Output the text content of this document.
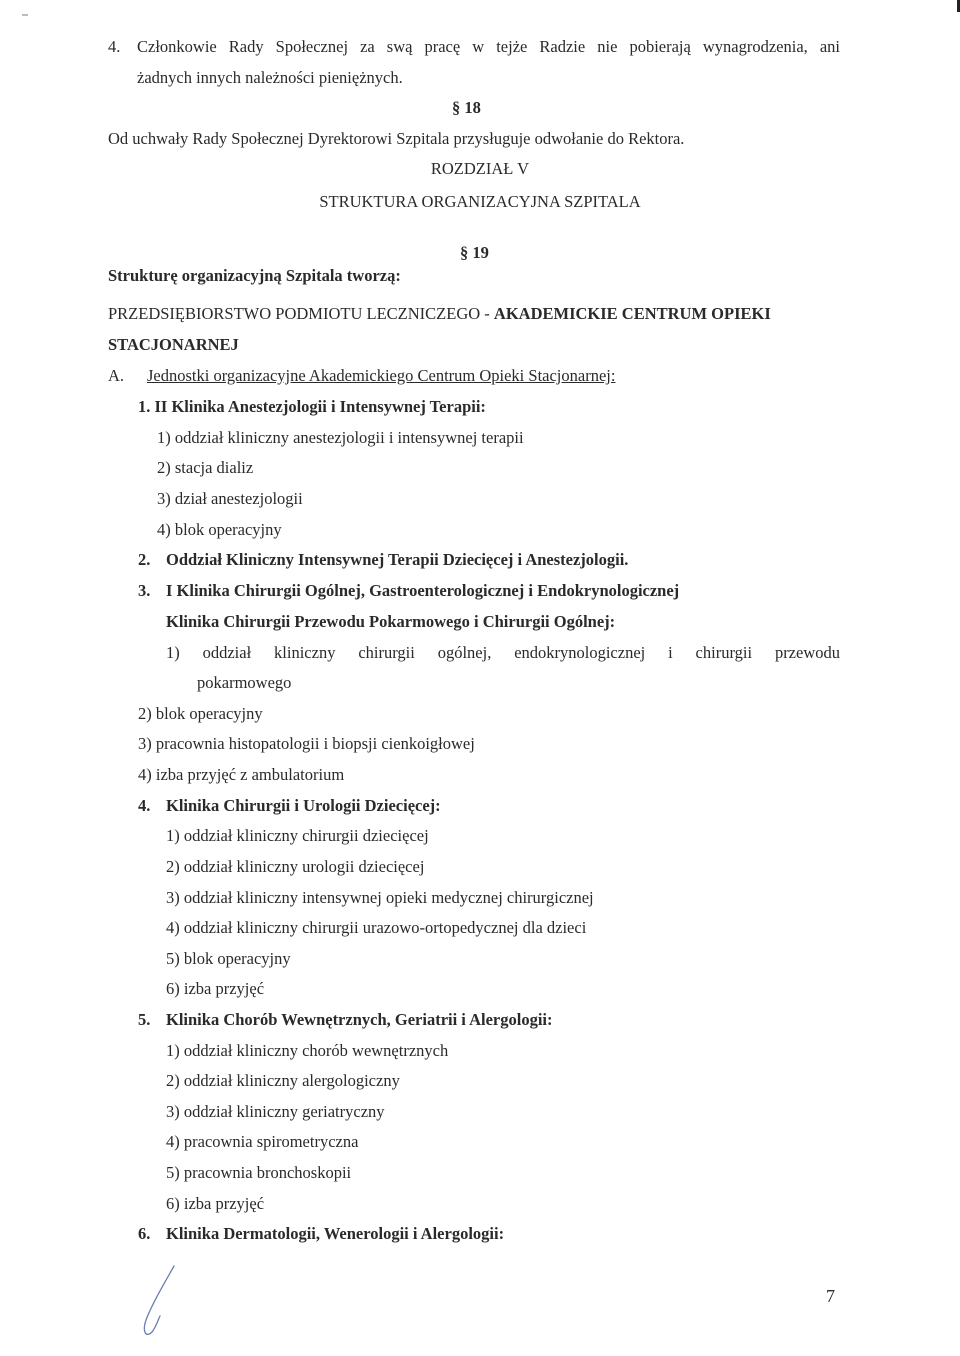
4. Członkowie Rady Społecznej za swą pracę w tejże Radzie nie pobierają wynagrodzenia, ani
żadnych innych należności pieniężnych.
§ 18
Od uchwały Rady Społecznej Dyrektorowi Szpitala przysługuje odwołanie do Rektora.
ROZDZIAŁ V
STRUKTURA ORGANIZACYJNA SZPITALA
§ 19
Strukturę organizacyjną Szpitala tworzą:
PRZEDSIĘBIORSTWO PODMIOTU LECZNICZEGO - AKADEMICKIE CENTRUM OPIEKI
STACJONARNEJ
A. Jednostki organizacyjne Akademickiego Centrum Opieki Stacjonarnej:
1. II Klinika Anestezjologii i Intensywnej Terapii:
1) oddział kliniczny anestezjologii i intensywnej terapii
2) stacja dializ
3) dział anestezjologii
4) blok operacyjny
2. Oddział Kliniczny Intensywnej Terapii Dziecięcej i Anestezjologii.
3. I Klinika Chirurgii Ogólnej, Gastroenterologicznej i Endokrynologicznej
Klinika Chirurgii Przewodu Pokarmowego i Chirurgii Ogólnej:
1) oddział kliniczny chirurgii ogólnej, endokrynologicznej i chirurgii przewodu
pokarmowego
2) blok operacyjny
3) pracownia histopatologii i biopsji cienkoigłowej
4) izba przyjęć z ambulatorium
4. Klinika Chirurgii i Urologii Dziecięcej:
1) oddział kliniczny chirurgii dziecięcej
2) oddział kliniczny urologii dziecięcej
3) oddział kliniczny intensywnej opieki medycznej chirurgicznej
4) oddział kliniczny chirurgii urazowo-ortopedycznej dla dzieci
5) blok operacyjny
6) izba przyjęć
5. Klinika Chorób Wewnętrznych, Geriatrii i Alergologii:
1) oddział kliniczny chorób wewnętrznych
2) oddział kliniczny alergologiczny
3) oddział kliniczny geriatryczny
4) pracownia spirometryczna
5) pracownia bronchoskopii
6) izba przyjęć
6. Klinika Dermatologii, Wenerologii i Alergologii:
7
